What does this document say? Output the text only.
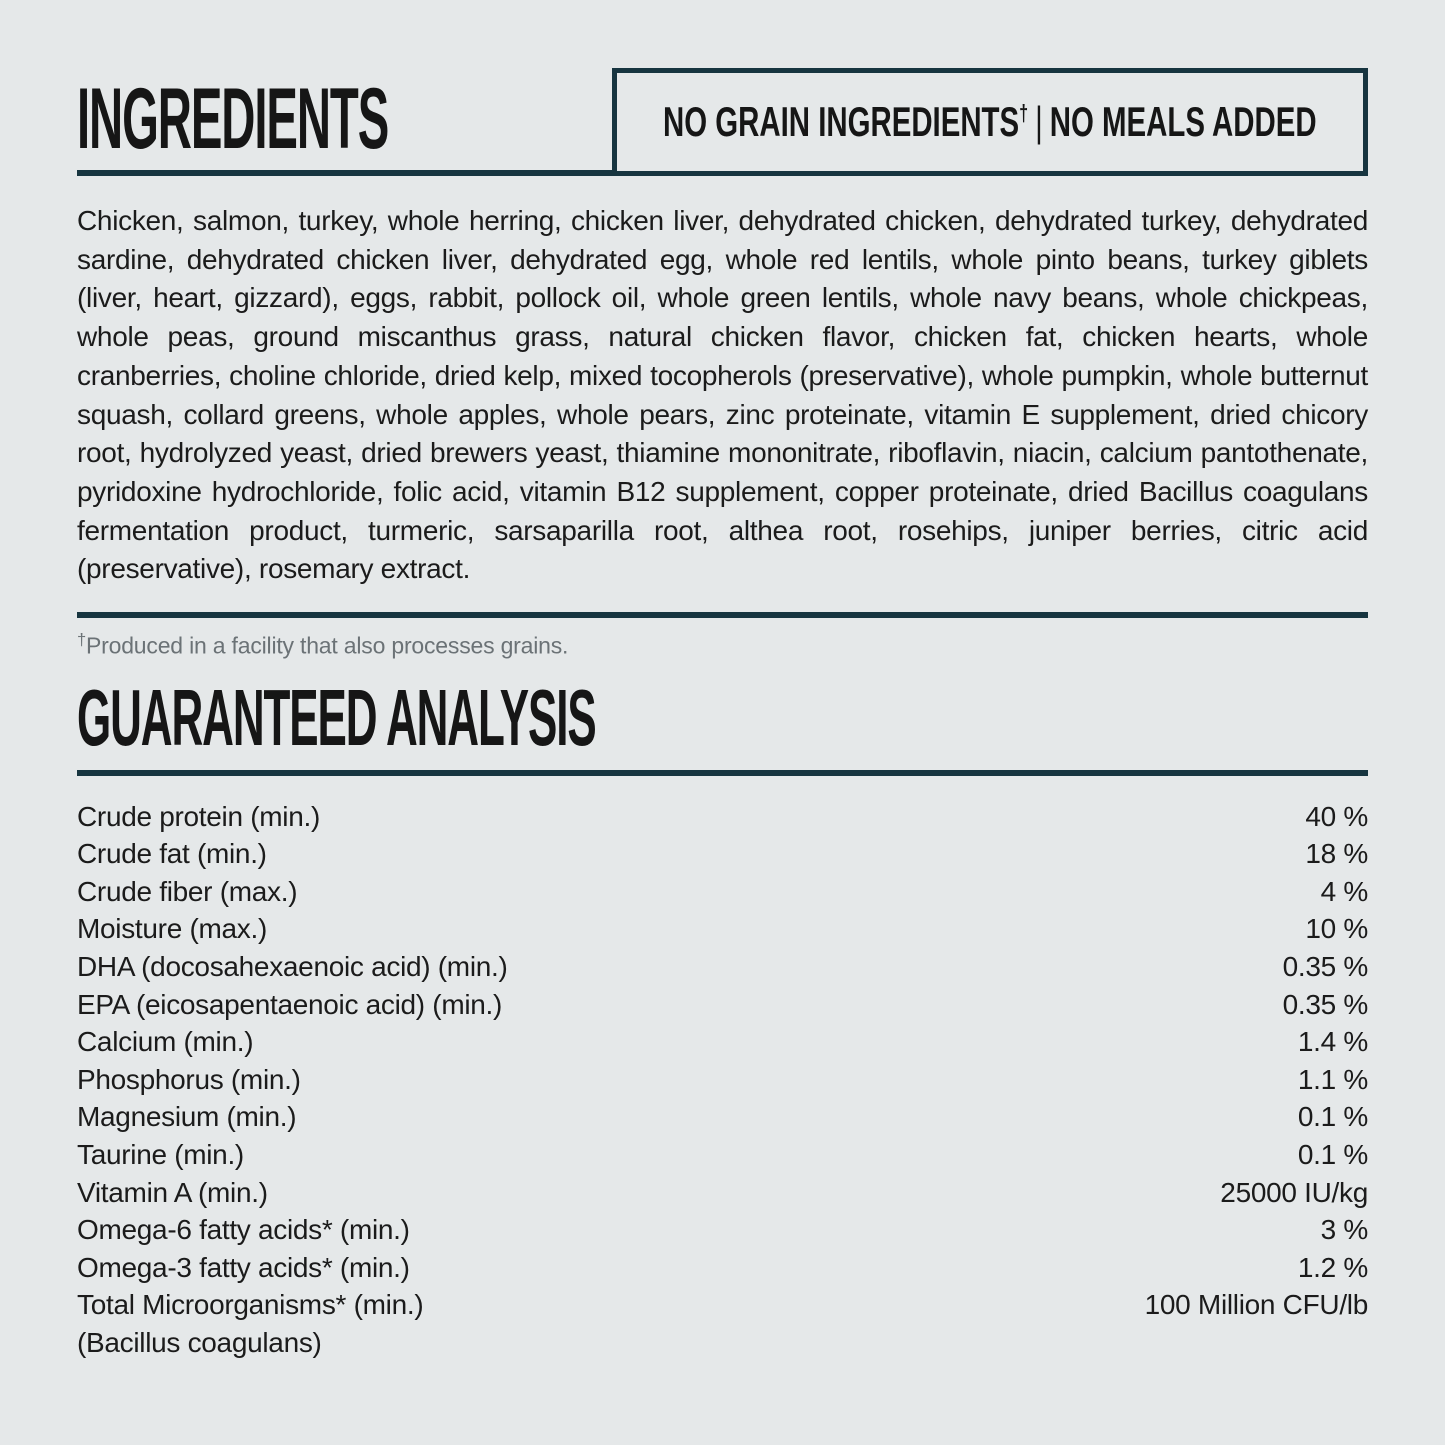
INGREDIENTS	NO GRAIN INGREDIENTS† | NO MEALS ADDED

Chicken, salmon, turkey, whole herring, chicken liver, dehydrated chicken, dehydrated turkey, dehydrated sardine, dehydrated chicken liver, dehydrated egg, whole red lentils, whole pinto beans, turkey giblets (liver, heart, gizzard), eggs, rabbit, pollock oil, whole green lentils, whole navy beans, whole chickpeas, whole peas, ground miscanthus grass, natural chicken flavor, chicken fat, chicken hearts, whole cranberries, choline chloride, dried kelp, mixed tocopherols (preservative), whole pumpkin, whole butternut squash, collard greens, whole apples, whole pears, zinc proteinate, vitamin E supplement, dried chicory root, hydrolyzed yeast, dried brewers yeast, thiamine mononitrate, riboflavin, niacin, calcium pantothenate, pyridoxine hydrochloride, folic acid, vitamin B12 supplement, copper proteinate, dried Bacillus coagulans fermentation product, turmeric, sarsaparilla root, althea root, rosehips, juniper berries, citric acid (preservative), rosemary extract.

†Produced in a facility that also processes grains.

GUARANTEED ANALYSIS
Crude protein (min.)	40 %
Crude fat (min.)	18 %
Crude fiber (max.)	4 %
Moisture (max.)	10 %
DHA (docosahexaenoic acid) (min.)	0.35 %
EPA (eicosapentaenoic acid) (min.)	0.35 %
Calcium (min.)	1.4 %
Phosphorus (min.)	1.1 %
Magnesium (min.)	0.1 %
Taurine (min.)	0.1 %
Vitamin A (min.)	25000 IU/kg
Omega-6 fatty acids* (min.)	3 %
Omega-3 fatty acids* (min.)	1.2 %
Total Microorganisms* (min.)	100 Million CFU/lb
(Bacillus coagulans)
